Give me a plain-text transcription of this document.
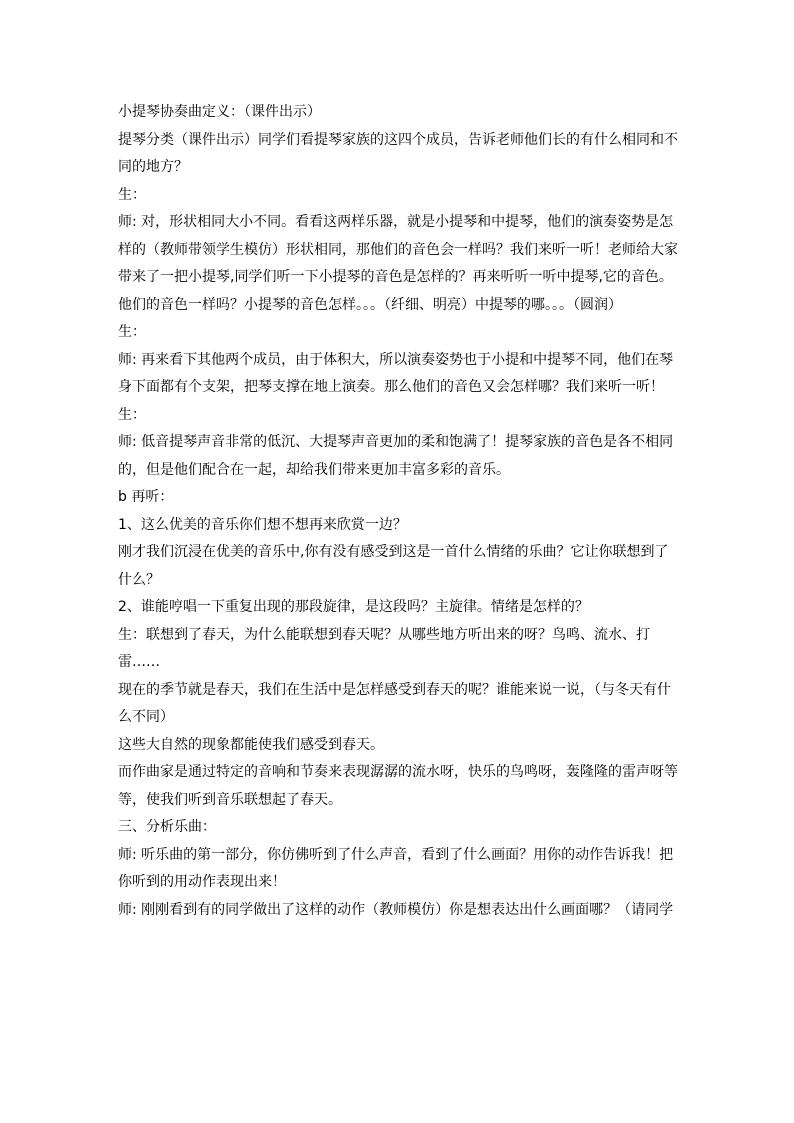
小提琴协奏曲定义：（课件出示）

提琴分类（课件出示）同学们看提琴家族的这四个成员，告诉老师他们长的有什么相同和不同的地方？

生：

师: 对，形状相同大小不同。看看这两样乐器，就是小提琴和中提琴，他们的演奏姿势是怎样的（教师带领学生模仿）形状相同，那他们的音色会一样吗？我们来听一听！老师给大家带来了一把小提琴,同学们听一下小提琴的音色是怎样的？再来听听一听中提琴,它的音色。他们的音色一样吗？小提琴的音色怎样。。。（纤细、明亮）中提琴的哪。。。（圆润）

生：

师: 再来看下其他两个成员，由于体积大，所以演奏姿势也于小提和中提琴不同，他们在琴身下面都有个支架，把琴支撑在地上演奏。那么他们的音色又会怎样哪？我们来听一听！

生：

师: 低音提琴声音非常的低沉、大提琴声音更加的柔和饱满了！提琴家族的音色是各不相同的，但是他们配合在一起，却给我们带来更加丰富多彩的音乐。

b 再听：

1、这么优美的音乐你们想不想再来欣赏一边？

刚才我们沉浸在优美的音乐中,你有没有感受到这是一首什么情绪的乐曲？它让你联想到了什么？

2、谁能哼唱一下重复出现的那段旋律，是这段吗？主旋律。情绪是怎样的？

生：联想到了春天，为什么能联想到春天呢？从哪些地方听出来的呀？鸟鸣、流水、打雷……

现在的季节就是春天，我们在生活中是怎样感受到春天的呢？谁能来说一说，（与冬天有什么不同）

这些大自然的现象都能使我们感受到春天。

而作曲家是通过特定的音响和节奏来表现潺潺的流水呀，快乐的鸟鸣呀，轰隆隆的雷声呀等等，使我们听到音乐联想起了春天。

三、分析乐曲：

师: 听乐曲的第一部分，你仿佛听到了什么声音，看到了什么画面？用你的动作告诉我！把你听到的用动作表现出来！

师: 刚刚看到有的同学做出了这样的动作（教师模仿）你是想表达出什么画面哪？（请同学
